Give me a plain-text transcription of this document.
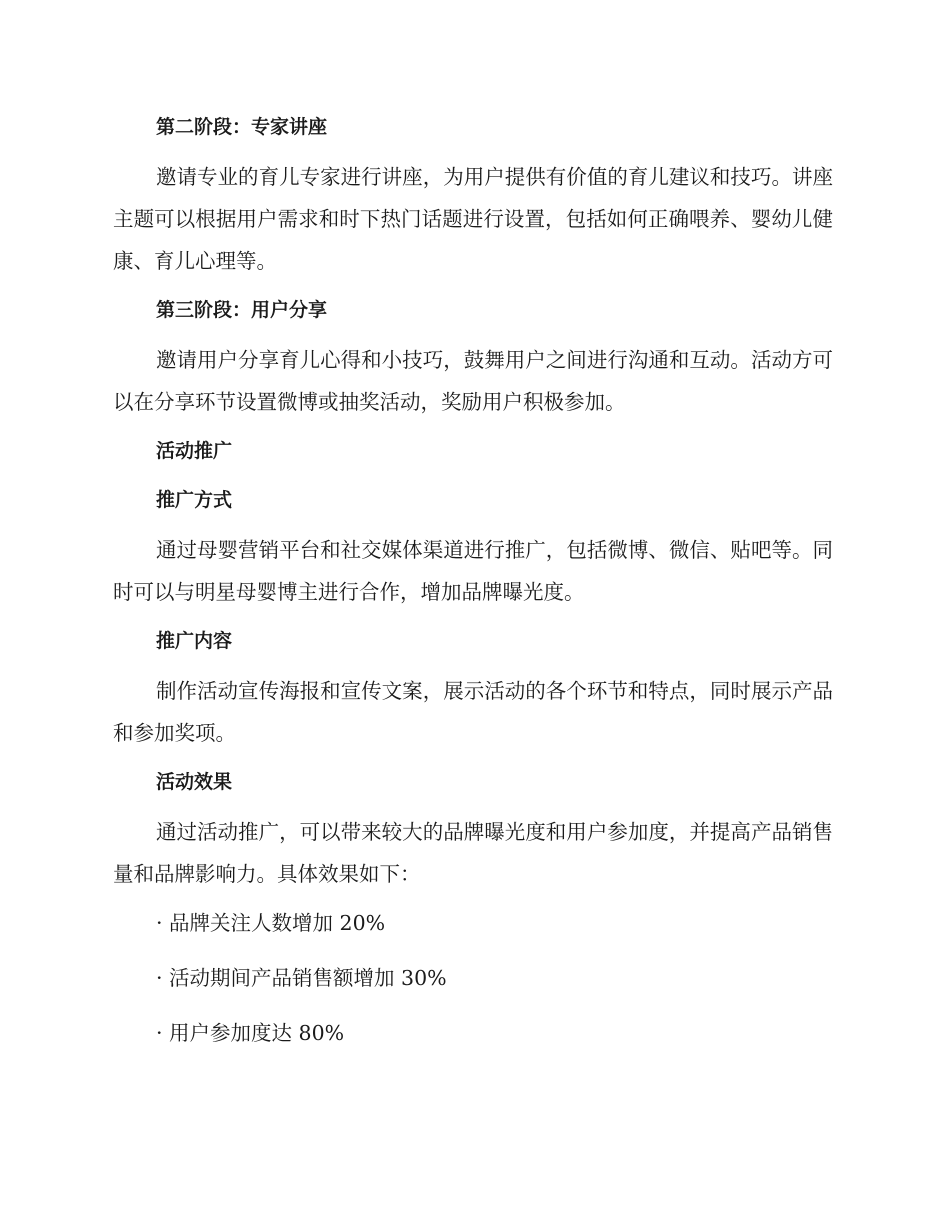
第二阶段：专家讲座

邀请专业的育儿专家进行讲座，为用户提供有价值的育儿建议和技巧。讲座主题可以根据用户需求和时下热门话题进行设置，包括如何正确喂养、婴幼儿健康、育儿心理等。

第三阶段：用户分享

邀请用户分享育儿心得和小技巧，鼓舞用户之间进行沟通和互动。活动方可以在分享环节设置微博或抽奖活动，奖励用户积极参加。

活动推广
推广方式

通过母婴营销平台和社交媒体渠道进行推广，包括微博、微信、贴吧等。同时可以与明星母婴博主进行合作，增加品牌曝光度。

推广内容

制作活动宣传海报和宣传文案，展示活动的各个环节和特点，同时展示产品和参加奖项。

活动效果

通过活动推广，可以带来较大的品牌曝光度和用户参加度，并提高产品销售量和品牌影响力。具体效果如下：

· 品牌关注人数增加 20%
· 活动期间产品销售额增加 30%
· 用户参加度达 80%
